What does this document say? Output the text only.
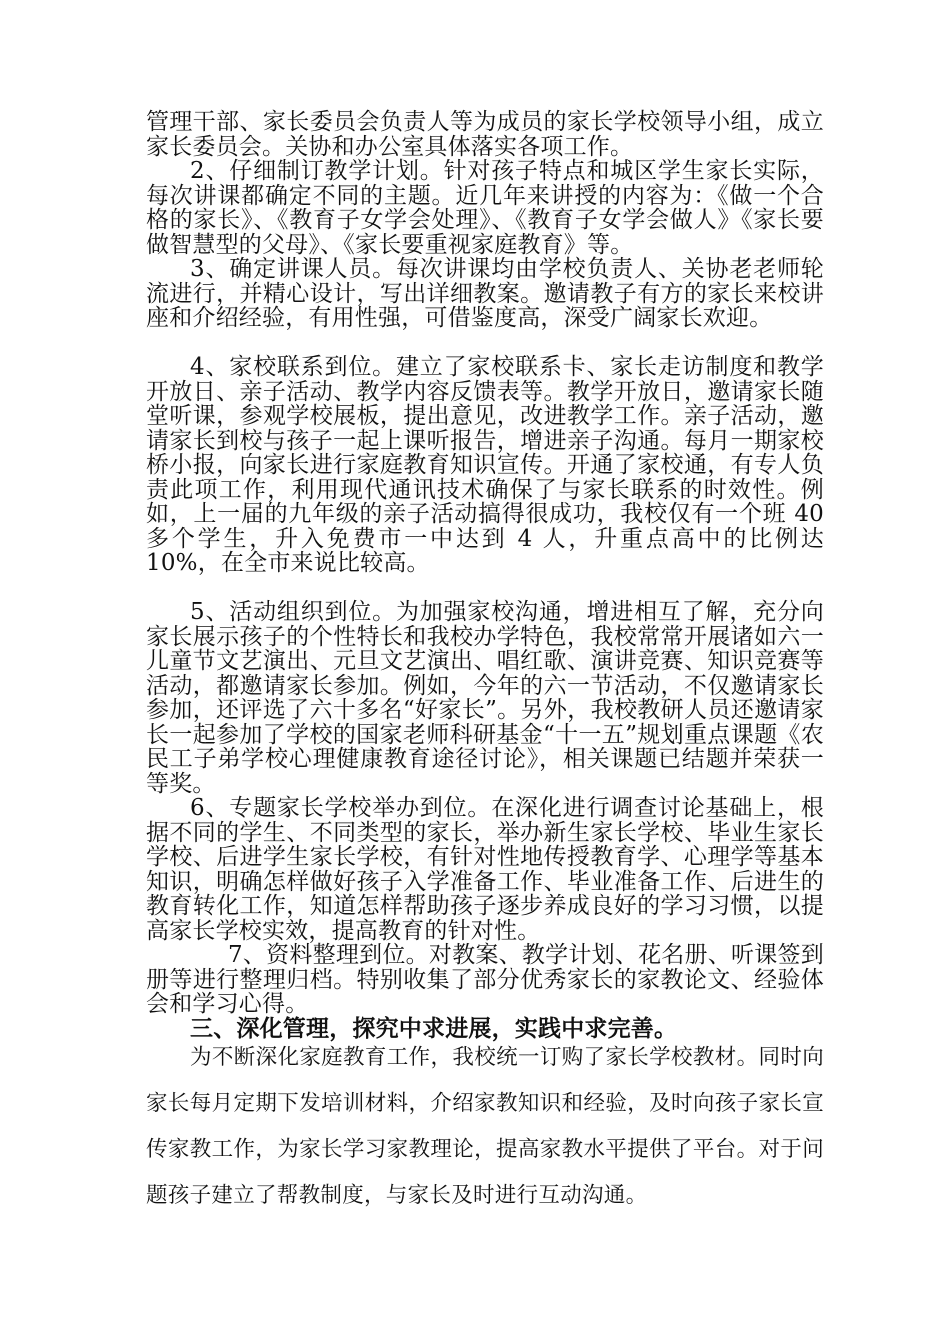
管理干部、家长委员会负责人等为成员的家长学校领导小组，成立家长委员会。关协和办公室具体落实各项工作。

2、仔细制订教学计划。针对孩子特点和城区学生家长实际，每次讲课都确定不同的主题。近几年来讲授的内容为：《做一个合格的家长》、《教育子女学会处理》、《教育子女学会做人》《家长要做智慧型的父母》、《家长要重视家庭教育》等。

3、确定讲课人员。每次讲课均由学校负责人、关协老老师轮流进行，并精心设计，写出详细教案。邀请教子有方的家长来校讲座和介绍经验，有用性强，可借鉴度高，深受广阔家长欢迎。

4、家校联系到位。建立了家校联系卡、家长走访制度和教学开放日、亲子活动、教学内容反馈表等。教学开放日，邀请家长随堂听课，参观学校展板，提出意见，改进教学工作。亲子活动，邀请家长到校与孩子一起上课听报告，增进亲子沟通。每月一期家校桥小报，向家长进行家庭教育知识宣传。开通了家校通，有专人负责此项工作，利用现代通讯技术确保了与家长联系的时效性。例如，上一届的九年级的亲子活动搞得很成功，我校仅有一个班 40 多个学生，升入免费市一中达到 4 人，升重点高中的比例达 10%，在全市来说比较高。

5、活动组织到位。为加强家校沟通，增进相互了解，充分向家长展示孩子的个性特长和我校办学特色，我校常常开展诸如六一儿童节文艺演出、元旦文艺演出、唱红歌、演讲竞赛、知识竞赛等活动，都邀请家长参加。例如，今年的六一节活动，不仅邀请家长参加，还评选了六十多名“好家长”。另外，我校教研人员还邀请家长一起参加了学校的国家老师科研基金“十一五”规划重点课题《农民工子弟学校心理健康教育途径讨论》，相关课题已结题并荣获一等奖。

6、专题家长学校举办到位。在深化进行调查讨论基础上，根据不同的学生、不同类型的家长，举办新生家长学校、毕业生家长学校、后进学生家长学校，有针对性地传授教育学、心理学等基本知识，明确怎样做好孩子入学准备工作、毕业准备工作、后进生的教育转化工作，知道怎样帮助孩子逐步养成良好的学习习惯，以提高家长学校实效，提高教育的针对性。

7、资料整理到位。对教案、教学计划、花名册、听课签到册等进行整理归档。特别收集了部分优秀家长的家教论文、经验体会和学习心得。

三、深化管理，探究中求进展，实践中求完善。

为不断深化家庭教育工作，我校统一订购了家长学校教材。同时向家长每月定期下发培训材料，介绍家教知识和经验，及时向孩子家长宣传家教工作，为家长学习家教理论，提高家教水平提供了平台。对于问题孩子建立了帮教制度，与家长及时进行互动沟通。
